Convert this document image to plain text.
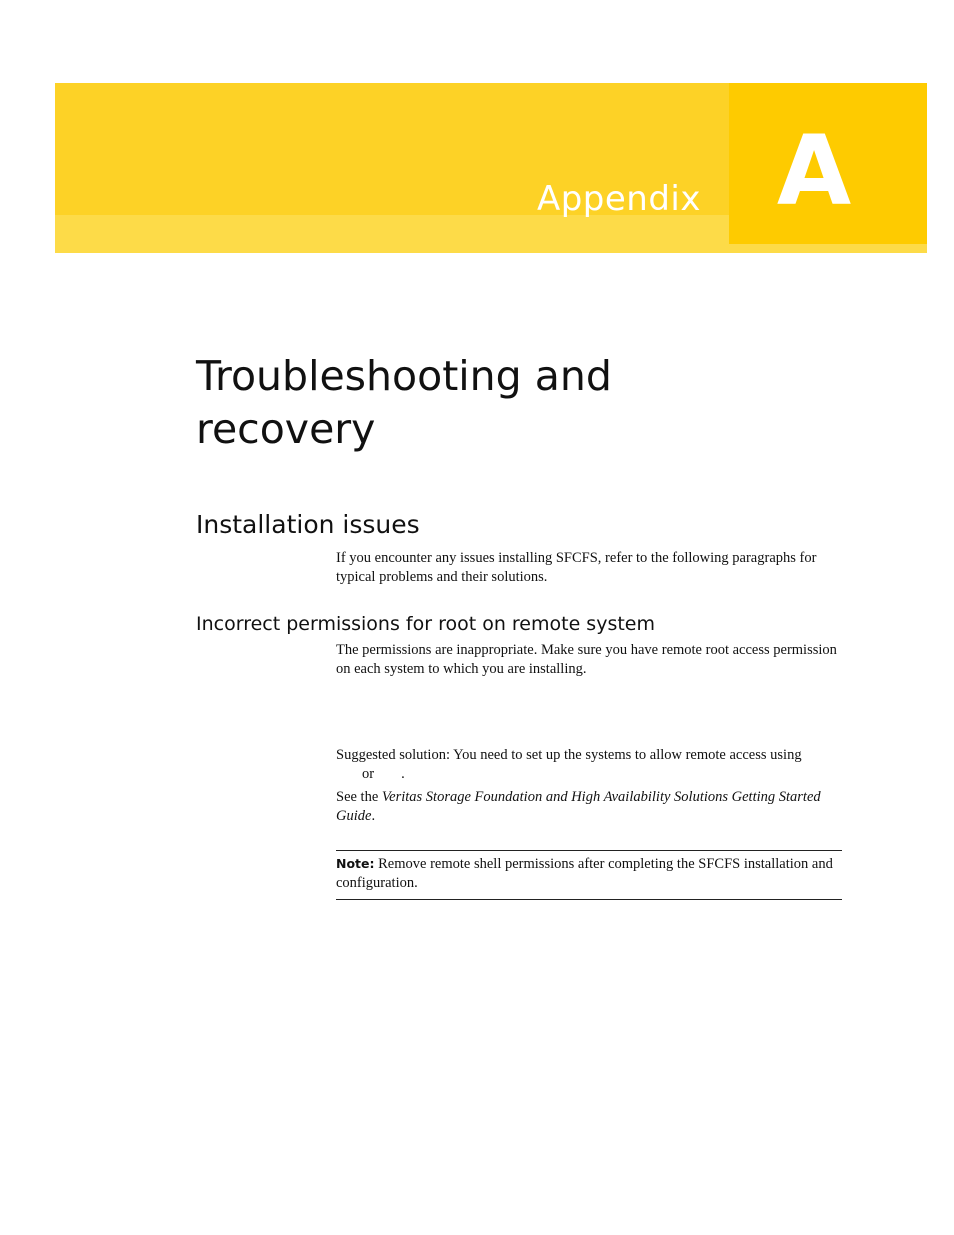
Appendix A
Troubleshooting and
recovery
Installation issues

If you encounter any issues installing SFCFS, refer to the following paragraphs for typical problems and their solutions.

Incorrect permissions for root on remote system

The permissions are inappropriate. Make sure you have remote root access permission on each system to which you are installing.

Suggested solution: You need to set up the systems to allow remote access using
or .

See the Veritas Storage Foundation and High Availability Solutions Getting Started Guide.

Note: Remove remote shell permissions after completing the SFCFS installation and configuration.
